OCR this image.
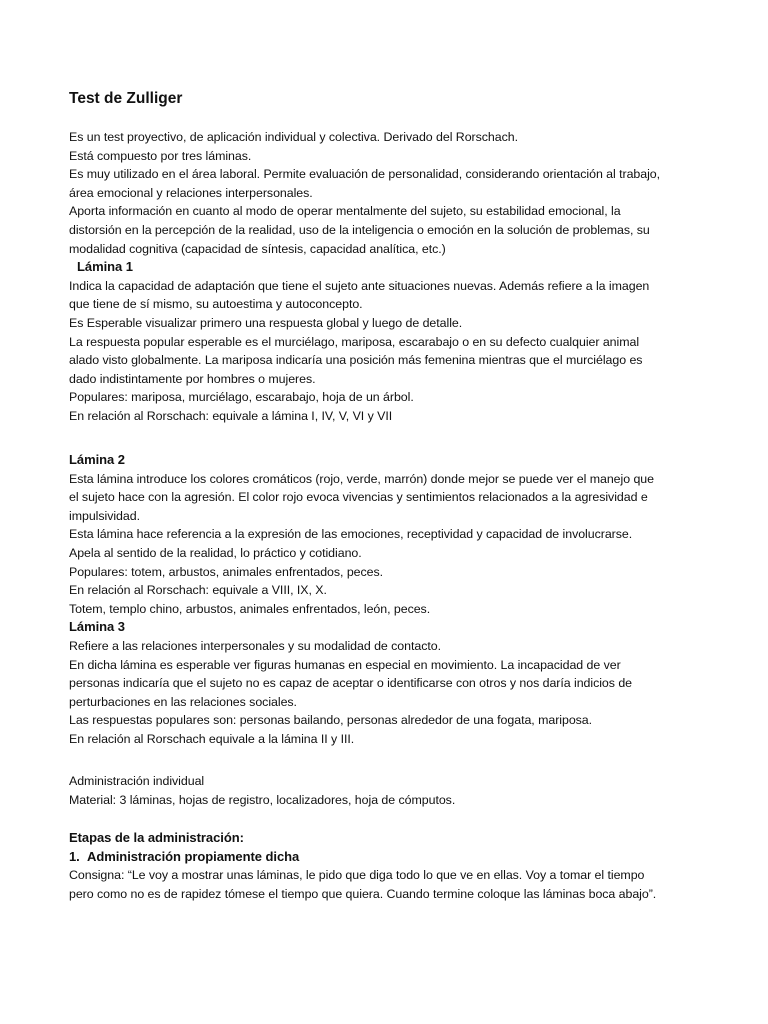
Test de Zulliger
Es un test proyectivo, de aplicación individual y colectiva. Derivado del Rorschach.
Está compuesto por tres láminas.
Es muy utilizado en el área laboral. Permite evaluación de personalidad, considerando orientación al trabajo,
área emocional y relaciones interpersonales.
Aporta información en cuanto al modo de operar mentalmente del sujeto, su estabilidad emocional, la
distorsión en la percepción de la realidad, uso de la inteligencia o emoción en la solución de problemas, su
modalidad cognitiva (capacidad de síntesis, capacidad analítica, etc.)
Lámina 1
Indica la capacidad de adaptación que tiene el sujeto ante situaciones nuevas. Además refiere a la imagen
que tiene de sí mismo, su autoestima y autoconcepto.
Es Esperable visualizar primero una respuesta global y luego de detalle.
La respuesta popular esperable es el murciélago, mariposa, escarabajo o en su defecto cualquier animal
alado visto globalmente. La mariposa indicaría una posición más femenina mientras que el murciélago es
dado indistintamente por hombres o mujeres.
Populares: mariposa, murciélago, escarabajo, hoja de un árbol.
En relación al Rorschach: equivale a lámina I, IV, V, VI y VII
Lámina 2
Esta lámina introduce los colores cromáticos (rojo, verde, marrón) donde mejor se puede ver el manejo que
el sujeto hace con la agresión. El color rojo evoca vivencias y sentimientos relacionados a la agresividad e
impulsividad.
Esta lámina hace referencia a la expresión de las emociones, receptividad y capacidad de involucrarse.
Apela al sentido de la realidad, lo práctico y cotidiano.
Populares: totem, arbustos, animales enfrentados, peces.
En relación al Rorschach: equivale a VIII, IX, X.
Totem, templo chino, arbustos, animales enfrentados, león, peces.
Lámina 3
Refiere a las relaciones interpersonales y su modalidad de contacto.
En dicha lámina es esperable ver figuras humanas en especial en movimiento. La incapacidad de ver
personas indicaría que el sujeto no es capaz de aceptar o identificarse con otros y nos daría indicios de
perturbaciones en las relaciones sociales.
Las respuestas populares son: personas bailando, personas alrededor de una fogata, mariposa.
En relación al Rorschach equivale a la lámina II y III.
Administración individual
Material: 3 láminas, hojas de registro, localizadores, hoja de cómputos.
Etapas de la administración:
1. Administración propiamente dicha
Consigna: “Le voy a mostrar unas láminas, le pido que diga todo lo que ve en ellas. Voy a tomar el tiempo
pero como no es de rapidez tómese el tiempo que quiera. Cuando termine coloque las láminas boca abajo”.
